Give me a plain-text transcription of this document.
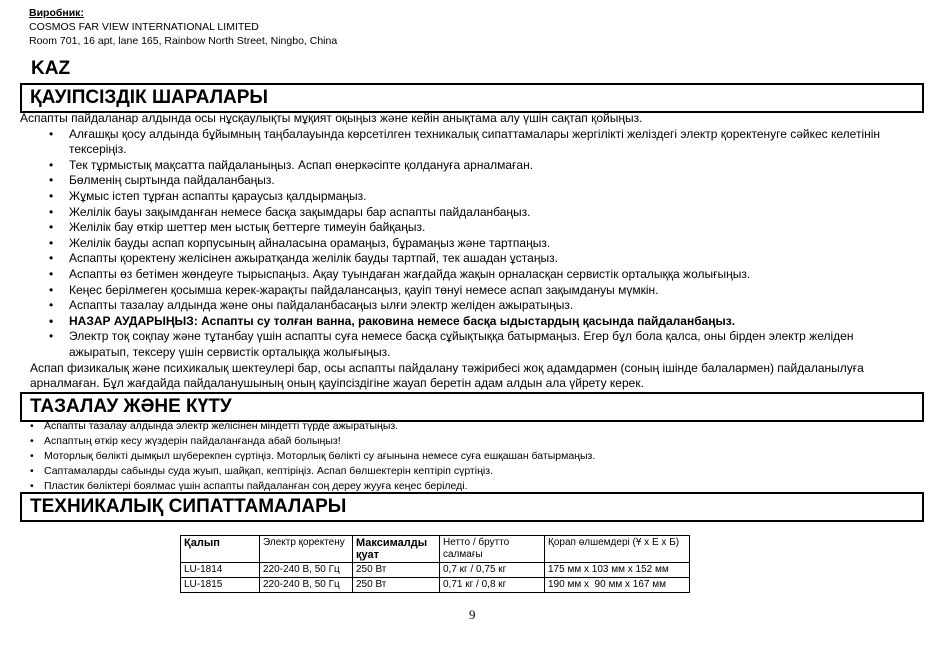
Виробник:
COSMOS FAR VIEW INTERNATIONAL LIMITED
Room 701, 16 apt, lane 165, Rainbow North Street, Ningbo, China
KAZ
ҚАУІПСІЗДІК ШАРАЛАРЫ
Аспапты пайдаланар алдында осы нұсқаулықты мұқият оқыңыз және кейін анықтама алу үшін сақтап қойыңыз.
• Алғашқы қосу алдында бұйымның таңбалауында көрсетілген техникалық сипаттамалары жергілікті желіздегі электр қоректенуге сәйкес келетінін тексеріңіз.
• Тек тұрмыстық мақсатта пайдаланыңыз. Аспап өнеркәсіпте қолдануға арналмаған.
• Бөлменің сыртында пайдаланбаңыз.
• Жұмыс істеп тұрған аспапты қараусыз қалдырмаңыз.
• Желілік бауы зақымданған немесе басқа зақымдары бар аспапты пайдаланбаңыз.
• Желілік бау өткір шеттер мен ыстық беттерге тимеуін байқаңыз.
• Желілік бауды аспап корпусының айналасына орамаңыз, бұрамаңыз және тартпаңыз.
• Аспапты қоректену желісінен ажыратқанда желілік бауды тартпай, тек ашадан ұстаңыз.
• Аспапты өз бетімен жөндеуге тырыспаңыз. Ақау туындаған жағдайда жақын орналасқан сервистік орталыққа жолығыңыз.
• Кеңес берілмеген қосымша керек-жарақты пайдалансаңыз, қауіп төнуі немесе аспап зақымдануы мүмкін.
• Аспапты тазалау алдында және оны пайдаланбасаңыз ылғи электр желіден ажыратыңыз.
• НАЗАР АУДАРЫҢЫЗ: Аспапты су толған ванна, раковина немесе басқа ыдыстардың қасында пайдаланбаңыз.
• Электр тоқ соқпау және тұтанбау үшін аспапты суға немесе басқа сұйықтыққа батырмаңыз. Егер бұл бола қалса, оны бірден электр желіден ажыратып, тексеру үшін сервистік орталыққа жолығыңыз.
Аспап физикалық және психикалық шектеулері бар, осы аспапты пайдалану тәжірибесі жоқ адамдармен (соның ішінде балалармен) пайдаланылуға арналмаған. Бұл жағдайда пайдаланушының оның қауіпсіздігіне жауап беретін адам алдын ала үйрету керек.
ТАЗАЛАУ ЖӘНЕ КҮТУ
• Аспапты тазалау алдында электр желісінен міндетті түрде ажыратыңыз.
• Аспаптың өткір кесу жүздерін пайдаланғанда абай болыңыз!
• Моторлық бөлікті дымқыл шүберекпен сүртіңіз. Моторлық бөлікті су ағынына немесе суға ешқашан батырмаңыз.
• Саптамаларды сабынды суда жуып, шайқап, кептіріңіз. Аспап бөлшектерін кептіріп сүртіңіз.
• Пластик бөліктері боялмас үшін аспапты пайдаланған соң дереу жууға кеңес беріледі.
ТЕХНИКАЛЫҚ СИПАТТАМАЛАРЫ
Қалып	Электр қоректену	Максималды қуат	Нетто / брутто салмағы	Қорап өлшемдері (Ұ x Е x Б)
LU-1814	220-240 В, 50 Гц	250 Вт	0,7 кг / 0,75 кг	175 мм x 103 мм x 152 мм
LU-1815	220-240 В, 50 Гц	250 Вт	0,71 кг / 0,8 кг	190 мм x  90 мм x 167 мм
9
